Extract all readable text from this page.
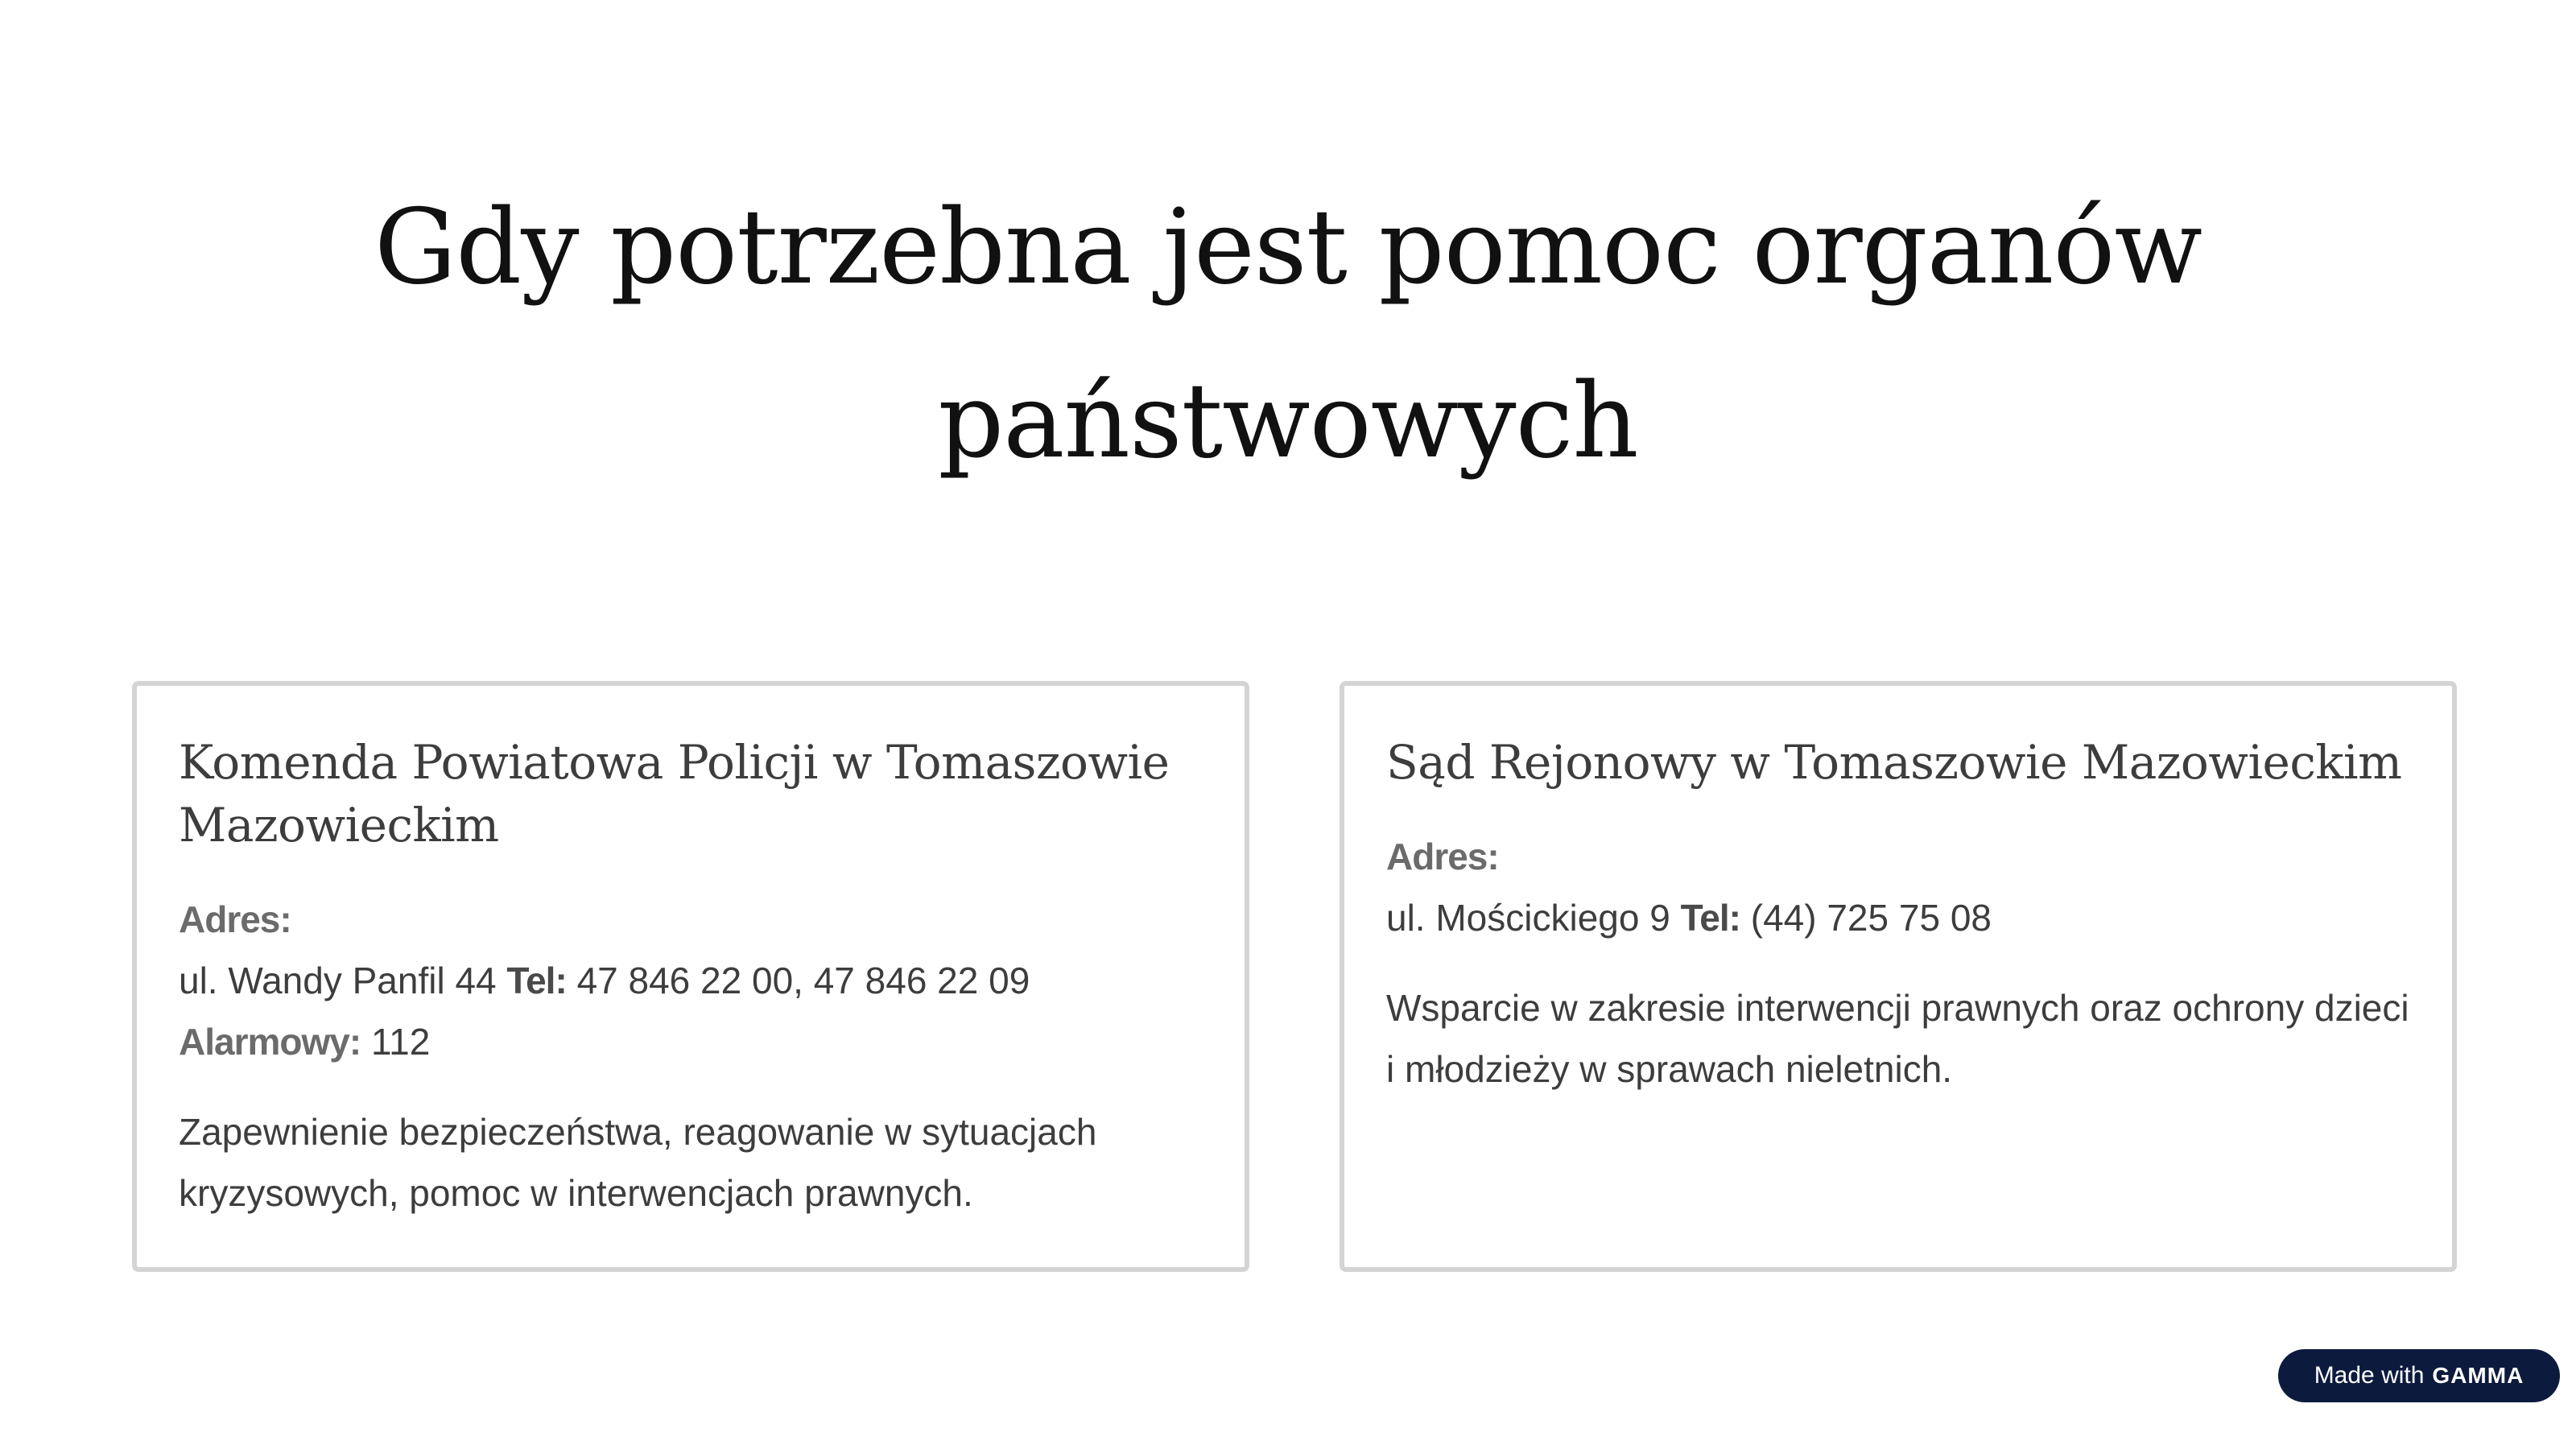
Gdy potrzebna jest pomoc organów państwowych
Komenda Powiatowa Policji w Tomaszowie Mazowieckim

Adres:
ul. Wandy Panfil 44 Tel: 47 846 22 00, 47 846 22 09
Alarmowy: 112

Zapewnienie bezpieczeństwa, reagowanie w sytuacjach kryzysowych, pomoc w interwencjach prawnych.

Sąd Rejonowy w Tomaszowie Mazowieckim

Adres:
ul. Mościckiego 9 Tel: (44) 725 75 08

Wsparcie w zakresie interwencji prawnych oraz ochrony dzieci i młodzieży w sprawach nieletnich.

Made with GAMMA
